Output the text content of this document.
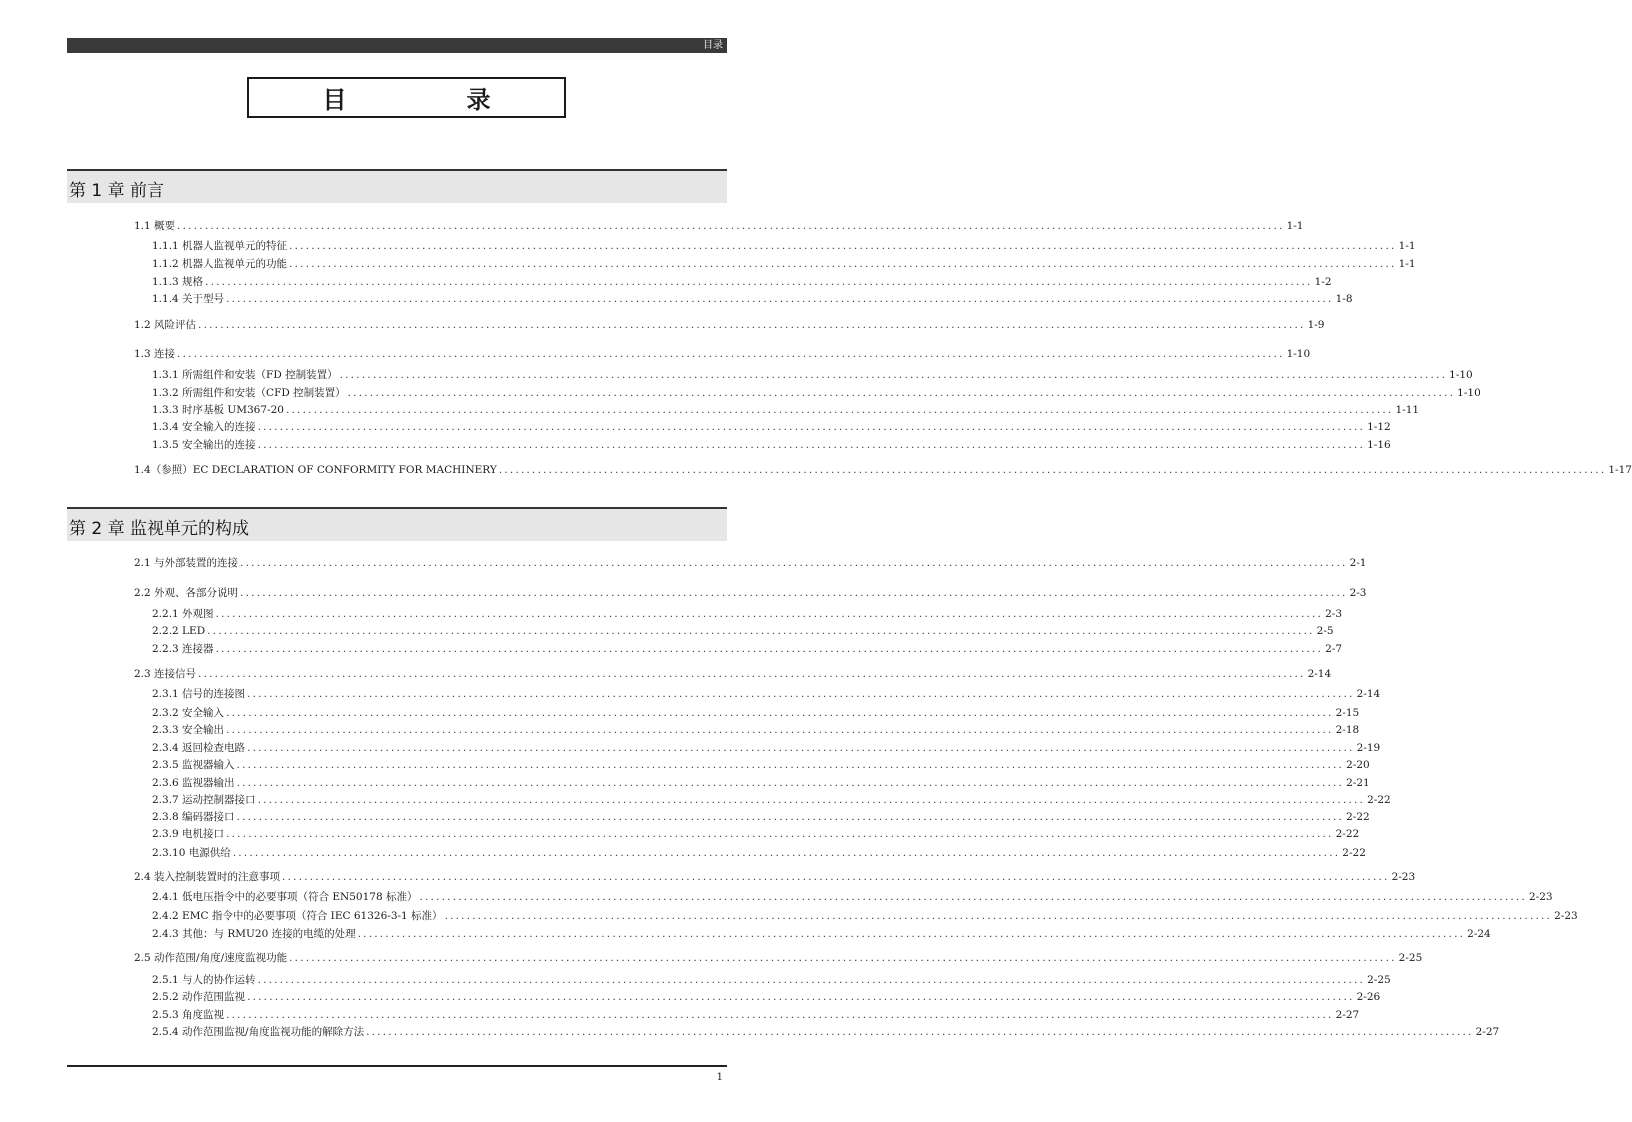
目录
目录
第 1 章 前言
1.1 概要 ........................................................................................................................................................................................................ 1-1
1.1.1 机器人监视单元的特征 ........................................................................................................................................................................................................ 1-1
1.1.2 机器人监视单元的功能 ........................................................................................................................................................................................................ 1-1
1.1.3 规格 ........................................................................................................................................................................................................ 1-2
1.1.4 关于型号 ........................................................................................................................................................................................................ 1-8
1.2 风险评估 ........................................................................................................................................................................................................ 1-9
1.3 连接 ........................................................................................................................................................................................................ 1-10
1.3.1 所需组件和安装（FD 控制装置） ........................................................................................................................................................................................................ 1-10
1.3.2 所需组件和安装（CFD 控制装置） ........................................................................................................................................................................................................ 1-10
1.3.3 时序基板 UM367-20 ........................................................................................................................................................................................................ 1-11
1.3.4 安全输入的连接 ........................................................................................................................................................................................................ 1-12
1.3.5 安全输出的连接 ........................................................................................................................................................................................................ 1-16
1.4（参照）EC DECLARATION OF CONFORMITY FOR MACHINERY ........................................................................................................................................................................................................ 1-17
第 2 章 监视单元的构成
2.1 与外部装置的连接 ........................................................................................................................................................................................................ 2-1
2.2 外观、各部分说明 ........................................................................................................................................................................................................ 2-3
2.2.1 外观图 ........................................................................................................................................................................................................ 2-3
2.2.2 LED ........................................................................................................................................................................................................ 2-5
2.2.3 连接器 ........................................................................................................................................................................................................ 2-7
2.3 连接信号 ........................................................................................................................................................................................................ 2-14
2.3.1 信号的连接图 ........................................................................................................................................................................................................ 2-14
2.3.2 安全输入 ........................................................................................................................................................................................................ 2-15
2.3.3 安全输出 ........................................................................................................................................................................................................ 2-18
2.3.4 返回检查电路 ........................................................................................................................................................................................................ 2-19
2.3.5 监视器输入 ........................................................................................................................................................................................................ 2-20
2.3.6 监视器输出 ........................................................................................................................................................................................................ 2-21
2.3.7 运动控制器接口 ........................................................................................................................................................................................................ 2-22
2.3.8 编码器接口 ........................................................................................................................................................................................................ 2-22
2.3.9 电机接口 ........................................................................................................................................................................................................ 2-22
2.3.10 电源供给 ........................................................................................................................................................................................................ 2-22
2.4 装入控制装置时的注意事项 ........................................................................................................................................................................................................ 2-23
2.4.1 低电压指令中的必要事项（符合 EN50178 标准） ........................................................................................................................................................................................................ 2-23
2.4.2 EMC 指令中的必要事项（符合 IEC 61326-3-1 标准） ........................................................................................................................................................................................................ 2-23
2.4.3 其他：与 RMU20 连接的电缆的处理 ........................................................................................................................................................................................................ 2-24
2.5 动作范围/角度/速度监视功能 ........................................................................................................................................................................................................ 2-25
2.5.1 与人的协作运转 ........................................................................................................................................................................................................ 2-25
2.5.2 动作范围监视 ........................................................................................................................................................................................................ 2-26
2.5.3 角度监视 ........................................................................................................................................................................................................ 2-27
2.5.4 动作范围监视/角度监视功能的解除方法 ........................................................................................................................................................................................................ 2-27
1
